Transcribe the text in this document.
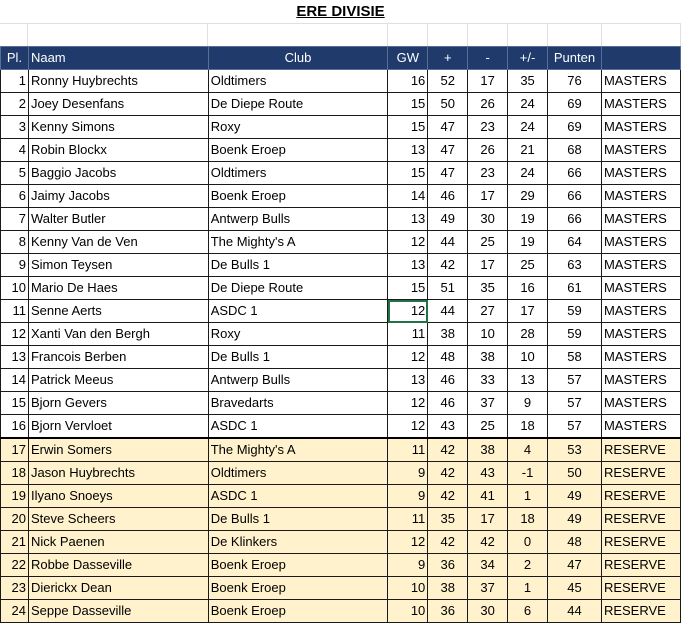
ERE DIVISIE
Pl.	Naam	Club	GW	+	-	+/-	Punten	
1	Ronny Huybrechts	Oldtimers	16	52	17	35	76	MASTERS
2	Joey Desenfans	De Diepe Route	15	50	26	24	69	MASTERS
3	Kenny Simons	Roxy	15	47	23	24	69	MASTERS
4	Robin Blockx	Boenk Eroep	13	47	26	21	68	MASTERS
5	Baggio Jacobs	Oldtimers	15	47	23	24	66	MASTERS
6	Jaimy Jacobs	Boenk Eroep	14	46	17	29	66	MASTERS
7	Walter Butler	Antwerp Bulls	13	49	30	19	66	MASTERS
8	Kenny Van de Ven	The Mighty's A	12	44	25	19	64	MASTERS
9	Simon Teysen	De Bulls 1	13	42	17	25	63	MASTERS
10	Mario De Haes	De Diepe Route	15	51	35	16	61	MASTERS
11	Senne Aerts	ASDC 1	12	44	27	17	59	MASTERS
12	Xanti Van den Bergh	Roxy	11	38	10	28	59	MASTERS
13	Francois Berben	De Bulls 1	12	48	38	10	58	MASTERS
14	Patrick Meeus	Antwerp Bulls	13	46	33	13	57	MASTERS
15	Bjorn Gevers	Bravedarts	12	46	37	9	57	MASTERS
16	Bjorn Vervloet	ASDC 1	12	43	25	18	57	MASTERS
17	Erwin Somers	The Mighty's A	11	42	38	4	53	RESERVE
18	Jason Huybrechts	Oldtimers	9	42	43	-1	50	RESERVE
19	Ilyano Snoeys	ASDC 1	9	42	41	1	49	RESERVE
20	Steve Scheers	De Bulls 1	11	35	17	18	49	RESERVE
21	Nick Paenen	De Klinkers	12	42	42	0	48	RESERVE
22	Robbe Dasseville	Boenk Eroep	9	36	34	2	47	RESERVE
23	Dierickx Dean	Boenk Eroep	10	38	37	1	45	RESERVE
24	Seppe Dasseville	Boenk Eroep	10	36	30	6	44	RESERVE
